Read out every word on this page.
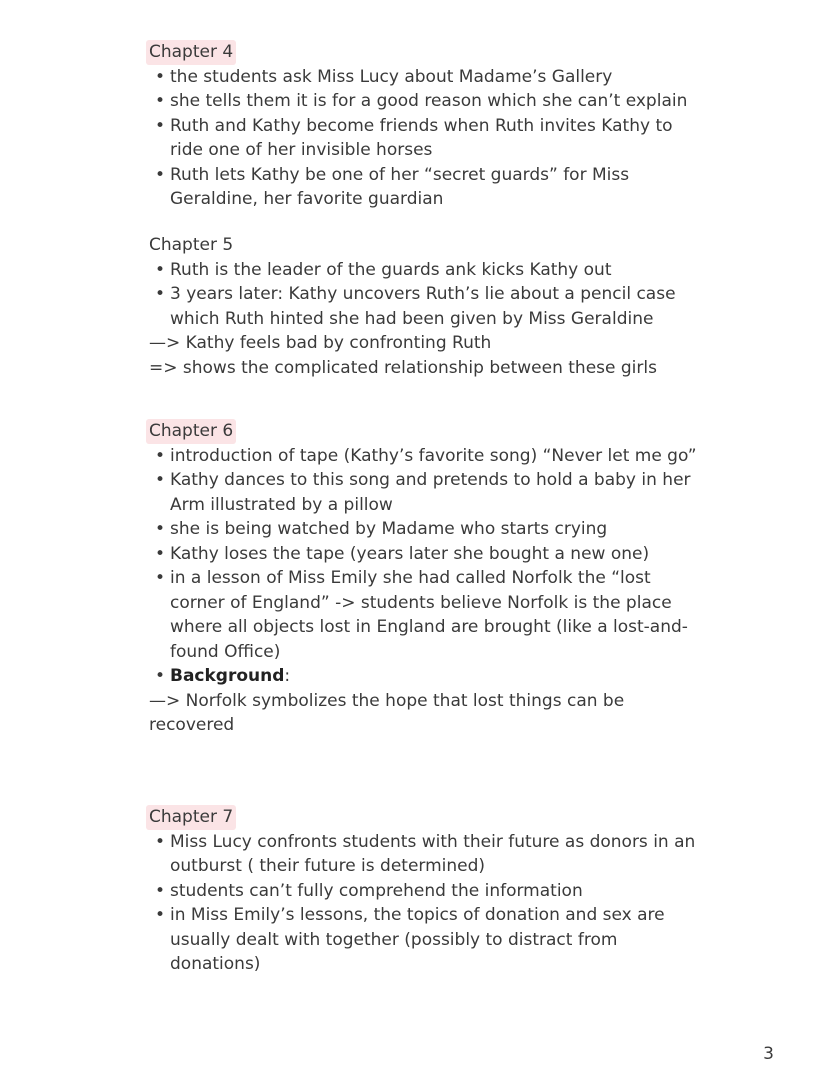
Chapter 4
• the students ask Miss Lucy about Madame’s Gallery
• she tells them it is for a good reason which she can’t explain
• Ruth and Kathy become friends when Ruth invites Kathy to ride one of her invisible horses
• Ruth lets Kathy be one of her “secret guards” for Miss Geraldine, her favorite guardian
Chapter 5
• Ruth is the leader of the guards ank kicks Kathy out
• 3 years later: Kathy uncovers Ruth’s lie about a pencil case which Ruth hinted she had been given by Miss Geraldine
—> Kathy feels bad by confronting Ruth
=> shows the complicated relationship between these girls
Chapter 6
• introduction of tape (Kathy’s favorite song) “Never let me go”
• Kathy dances to this song and pretends to hold a baby in her Arm illustrated by a pillow
• she is being watched by Madame who starts crying
• Kathy loses the tape (years later she bought a new one)
• in a lesson of Miss Emily she had called Norfolk the “lost corner of England” -> students believe Norfolk is the place where all objects lost in England are brought (like a lost-and-found Office)
• Background:
—> Norfolk symbolizes the hope that lost things can be
recovered
Chapter 7
• Miss Lucy confronts students with their future as donors in an outburst ( their future is determined)
• students can’t fully comprehend the information
• in Miss Emily’s lessons, the topics of donation and sex are usually dealt with together (possibly to distract from donations)
3
